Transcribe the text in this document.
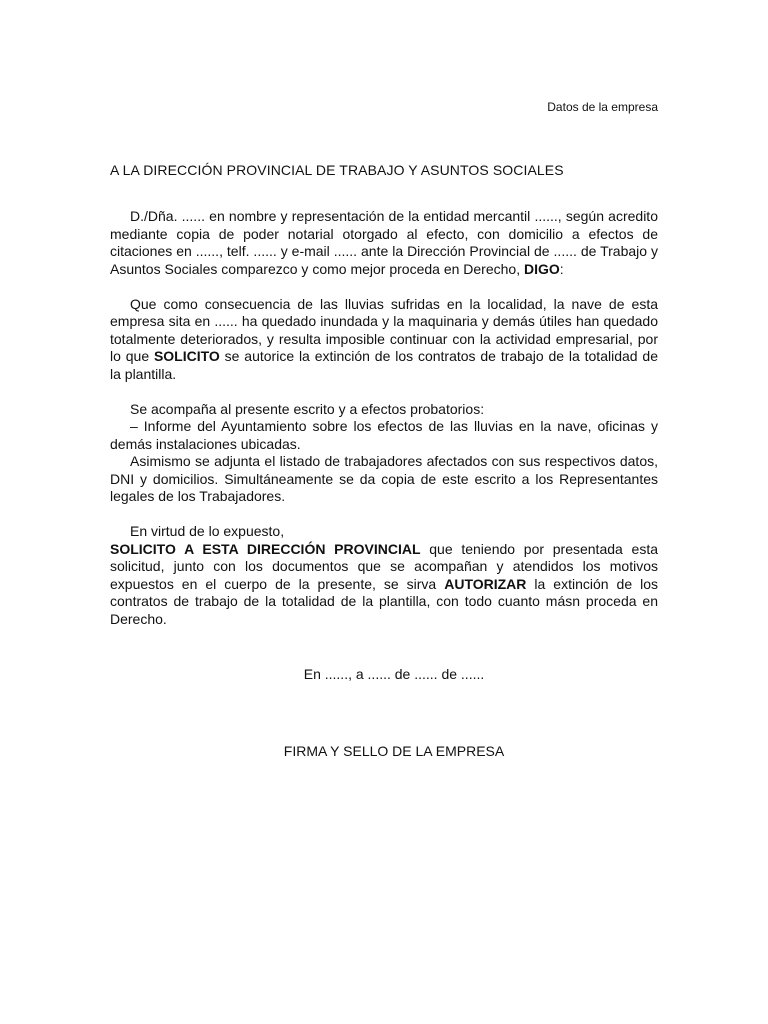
Datos de la empresa
A LA DIRECCIÓN PROVINCIAL DE TRABAJO Y ASUNTOS SOCIALES

D./Dña. ...... en nombre y representación de la entidad mercantil ......, según acredito mediante copia de poder notarial otorgado al efecto, con domicilio a efectos de citaciones en ......, telf. ...... y e-mail ...... ante la Dirección Provincial de ...... de Trabajo y Asuntos Sociales comparezco y como mejor proceda en Derecho, DIGO:

Que como consecuencia de las lluvias sufridas en la localidad, la nave de esta empresa sita en ...... ha quedado inundada y la maquinaria y demás útiles han quedado totalmente deteriorados, y resulta imposible continuar con la actividad empresarial, por lo que SOLICITO se autorice la extinción de los contratos de trabajo de la totalidad de la plantilla.

Se acompaña al presente escrito y a efectos probatorios:

– Informe del Ayuntamiento sobre los efectos de las lluvias en la nave, oficinas y demás instalaciones ubicadas.

Asimismo se adjunta el listado de trabajadores afectados con sus respectivos datos, DNI y domicilios. Simultáneamente se da copia de este escrito a los Representantes legales de los Trabajadores.

En virtud de lo expuesto,

SOLICITO A ESTA DIRECCIÓN PROVINCIAL que teniendo por presentada esta solicitud, junto con los documentos que se acompañan y atendidos los motivos expuestos en el cuerpo de la presente, se sirva AUTORIZAR la extinción de los contratos de trabajo de la totalidad de la plantilla, con todo cuanto másn proceda en Derecho.

En ......, a ...... de ...... de ......
FIRMA Y SELLO DE LA EMPRESA
